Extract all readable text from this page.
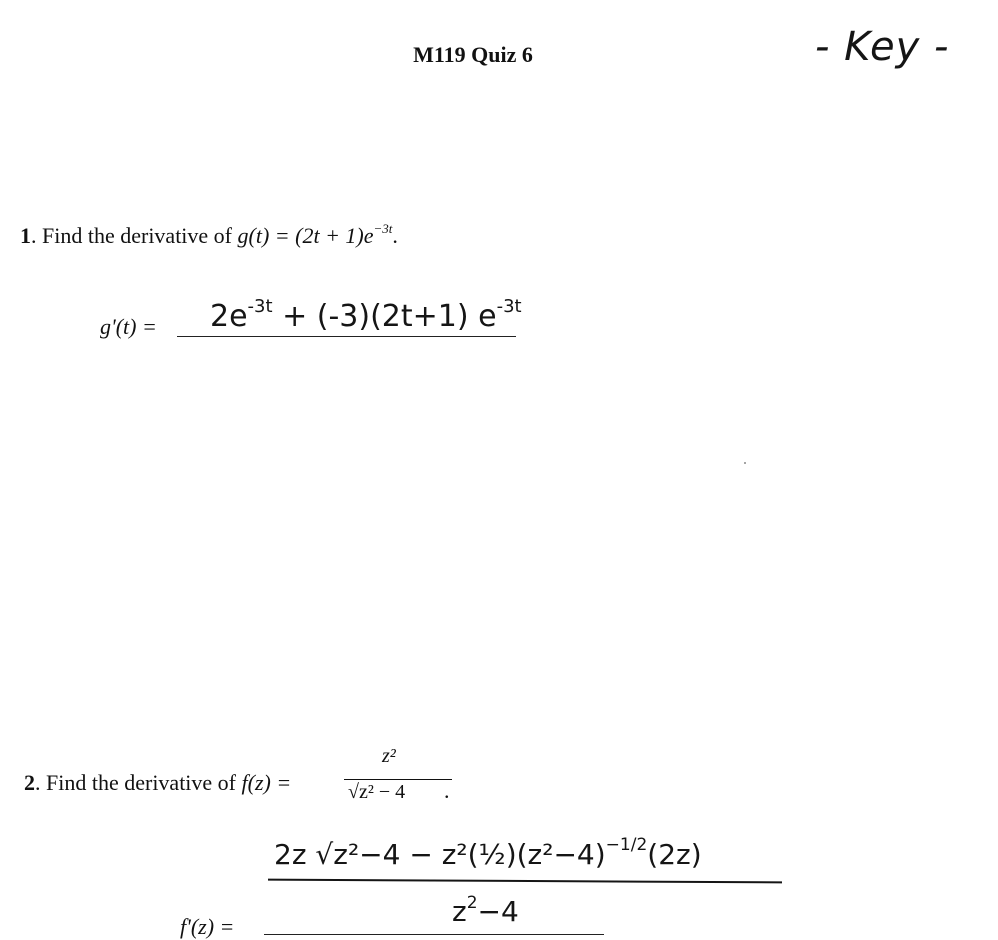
M119 Quiz 6	- Key -
1. Find the derivative of $g(t) = (2t + 1)e^{-3t}$.
$g'(t) = 2e^{-3t} + (-3)(2t+1)$ $e^{-3t}$
2. Find the derivative of f(z) =
z²
√z² − 4 .
2z $√z^2-4 - z^2(\frac{1}{2})(z^2-4)^{-1/2}(2z)$
$z^2-4$
f'(z) =
